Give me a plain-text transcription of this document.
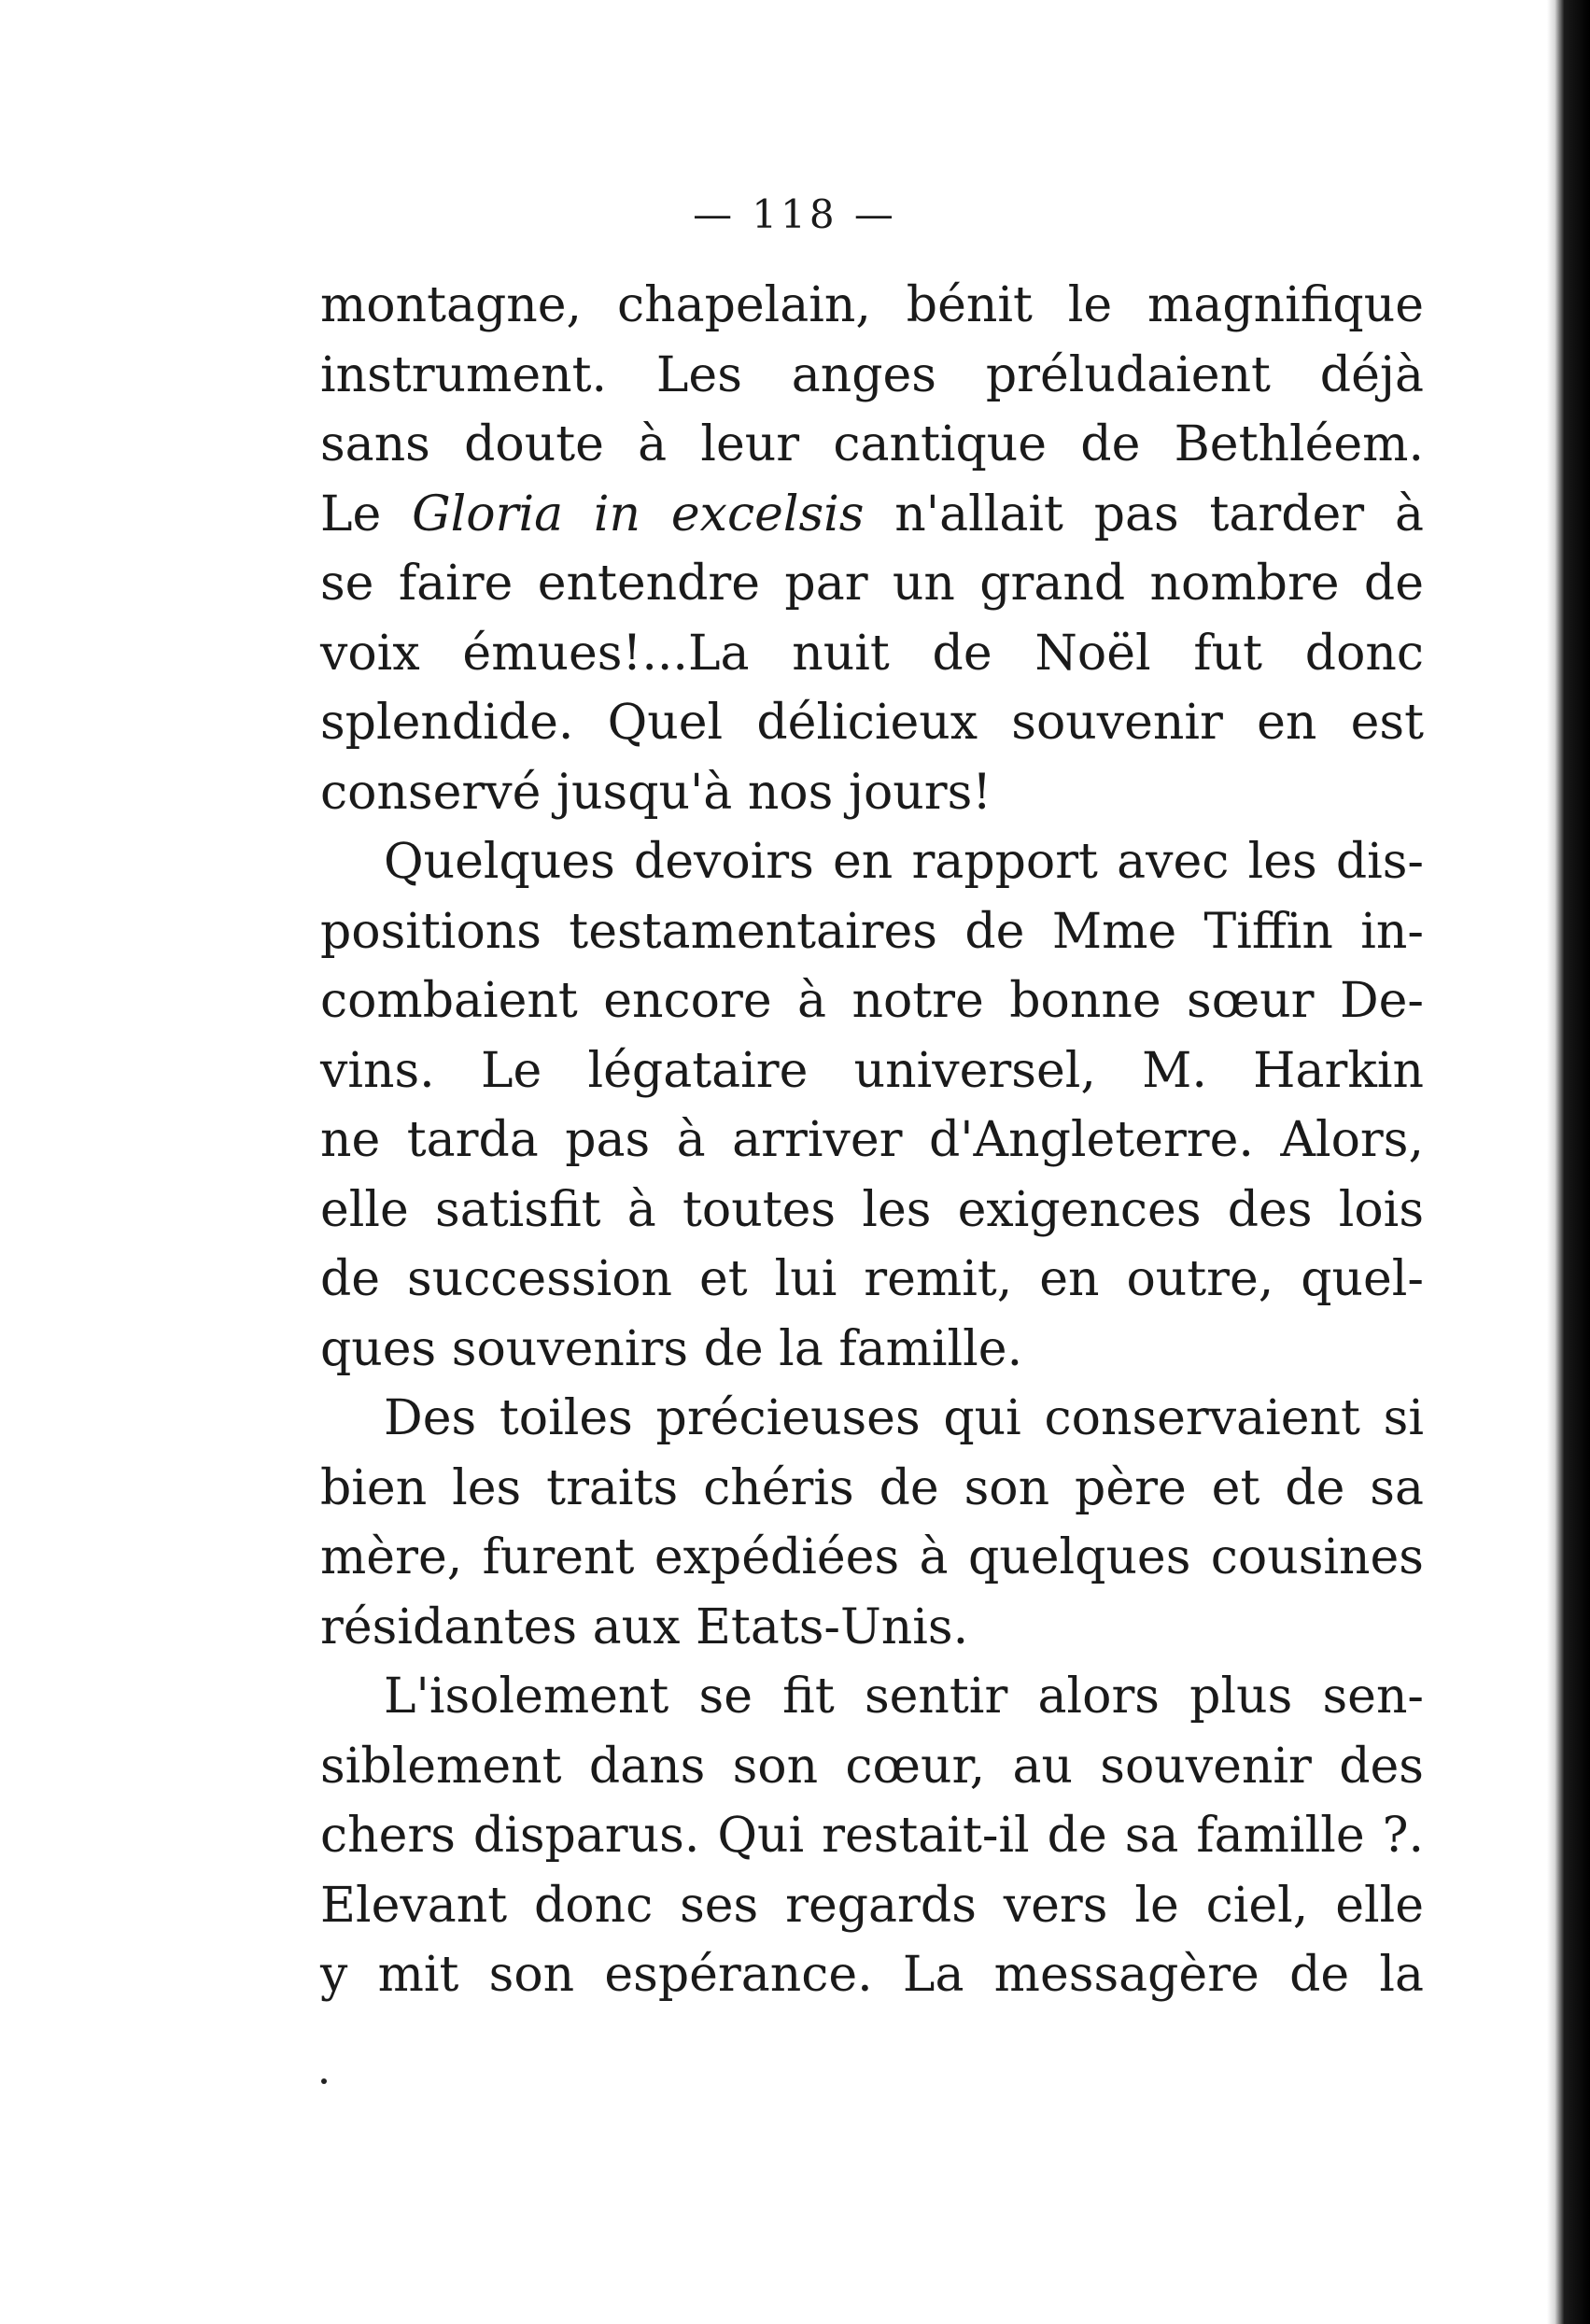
— 118 —
montagne, chapelain, bénit le magnifique
instrument. Les anges préludaient déjà
sans doute à leur cantique de Bethléem.
Le Gloria in excelsis n'allait pas tarder à
se faire entendre par un grand nombre de
voix émues!...La nuit de Noël fut donc
splendide. Quel délicieux souvenir en est
conservé jusqu'à nos jours!
Quelques devoirs en rapport avec les dis-
positions testamentaires de Mme Tiffin in-
combaient encore à notre bonne sœur De-
vins. Le légataire universel, M. Harkin
ne tarda pas à arriver d'Angleterre. Alors,
elle satisfit à toutes les exigences des lois
de succession et lui remit, en outre, quel-
ques souvenirs de la famille.
Des toiles précieuses qui conservaient si
bien les traits chéris de son père et de sa
mère, furent expédiées à quelques cousines
résidantes aux Etats-Unis.
L'isolement se fit sentir alors plus sen-
siblement dans son cœur, au souvenir des
chers disparus. Qui restait-il de sa famille ?.
Elevant donc ses regards vers le ciel, elle
y mit son espérance. La messagère de la
